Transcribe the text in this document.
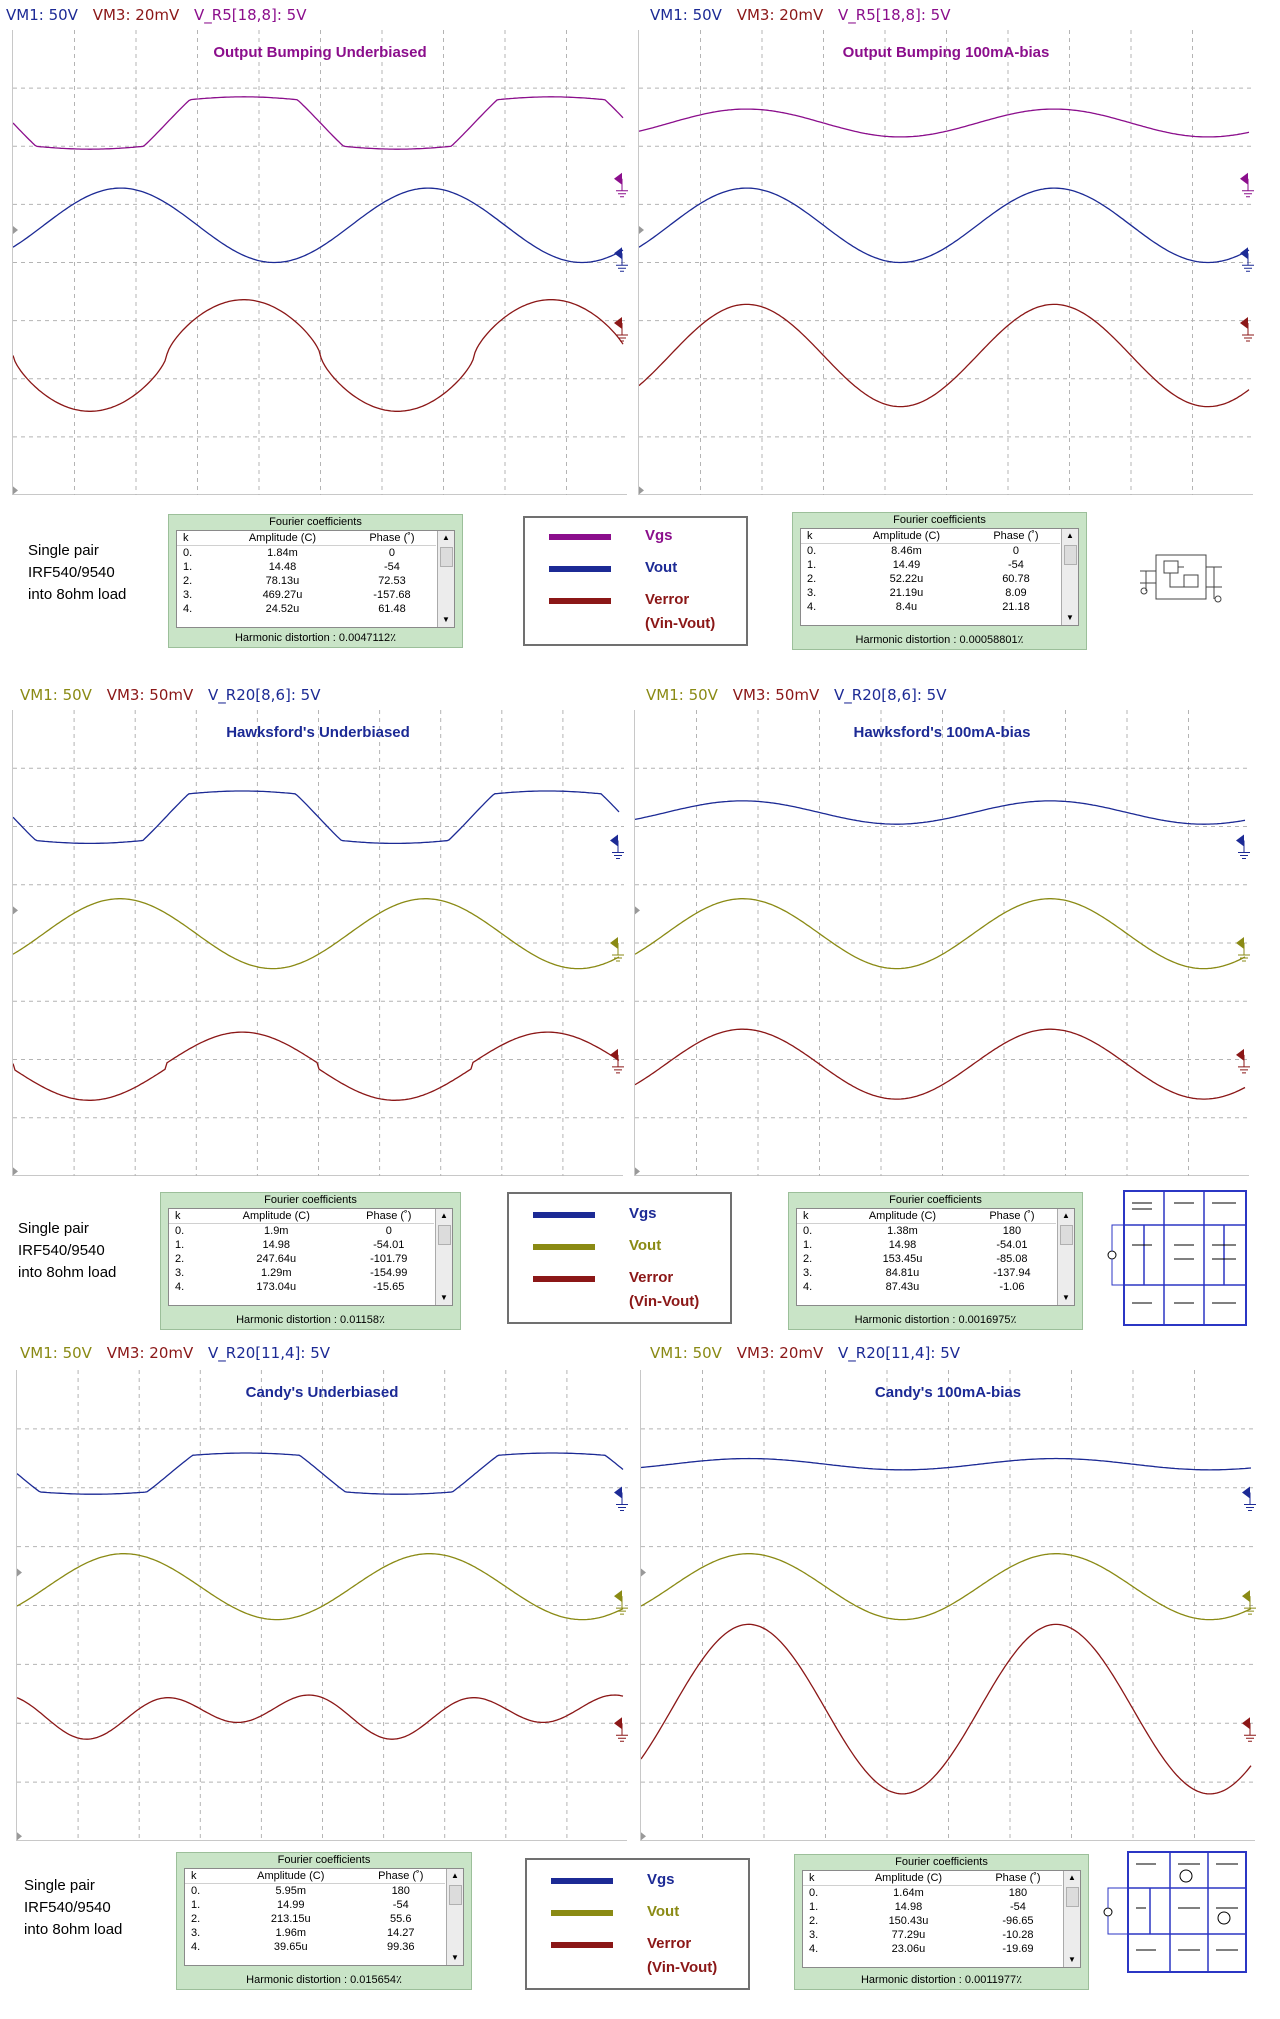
VM1: 50V VM3: 20mV V_R5[18,8]: 5V	VM1: 50V VM3: 20mV V_R5[18,8]: 5V
Output Bumping Underbiased	Output Bumping 100mA-bias
Single pair
IRF540/9540
into 8ohm load
Fourier coefficients
k	Amplitude (C)	Phase (˚)
0.	1.84m	0
1.	14.48	-54
2.	78.13u	72.53
3.	469.27u	-157.68
4.	24.52u	61.48
▲
▼
Harmonic distortion : 0.0047112٪
Fourier coefficients
k	Amplitude (C)	Phase (˚)
0.	8.46m	0
1.	14.49	-54
2.	52.22u	60.78
3.	21.19u	8.09
4.	8.4u	21.18
▲
▼
Harmonic distortion : 0.00058801٪
Vgs
Vout
Verror
(Vin-Vout)
VM1: 50V VM3: 50mV V_R20[8,6]: 5V	VM1: 50V VM3: 50mV V_R20[8,6]: 5V
Hawksford's Underbiased	Hawksford's 100mA-bias
Single pair
IRF540/9540
into 8ohm load
Fourier coefficients
k	Amplitude (C)	Phase (˚)
0.	1.9m	0
1.	14.98	-54.01
2.	247.64u	-101.79
3.	1.29m	-154.99
4.	173.04u	-15.65
▲
▼
Harmonic distortion : 0.01158٪
Fourier coefficients
k	Amplitude (C)	Phase (˚)
0.	1.38m	180
1.	14.98	-54.01
2.	153.45u	-85.08
3.	84.81u	-137.94
4.	87.43u	-1.06
▲
▼
Harmonic distortion : 0.0016975٪
Vgs
Vout
Verror
(Vin-Vout)
VM1: 50V VM3: 20mV V_R20[11,4]: 5V	VM1: 50V VM3: 20mV V_R20[11,4]: 5V
Candy's Underbiased	Candy's 100mA-bias
Single pair
IRF540/9540
into 8ohm load
Fourier coefficients
k	Amplitude (C)	Phase (˚)
0.	5.95m	180
1.	14.99	-54
2.	213.15u	55.6
3.	1.96m	14.27
4.	39.65u	99.36
▲
▼
Harmonic distortion : 0.015654٪
Fourier coefficients
k	Amplitude (C)	Phase (˚)
0.	1.64m	180
1.	14.98	-54
2.	150.43u	-96.65
3.	77.29u	-10.28
4.	23.06u	-19.69
▲
▼
Harmonic distortion : 0.0011977٪
Vgs
Vout
Verror
(Vin-Vout)
